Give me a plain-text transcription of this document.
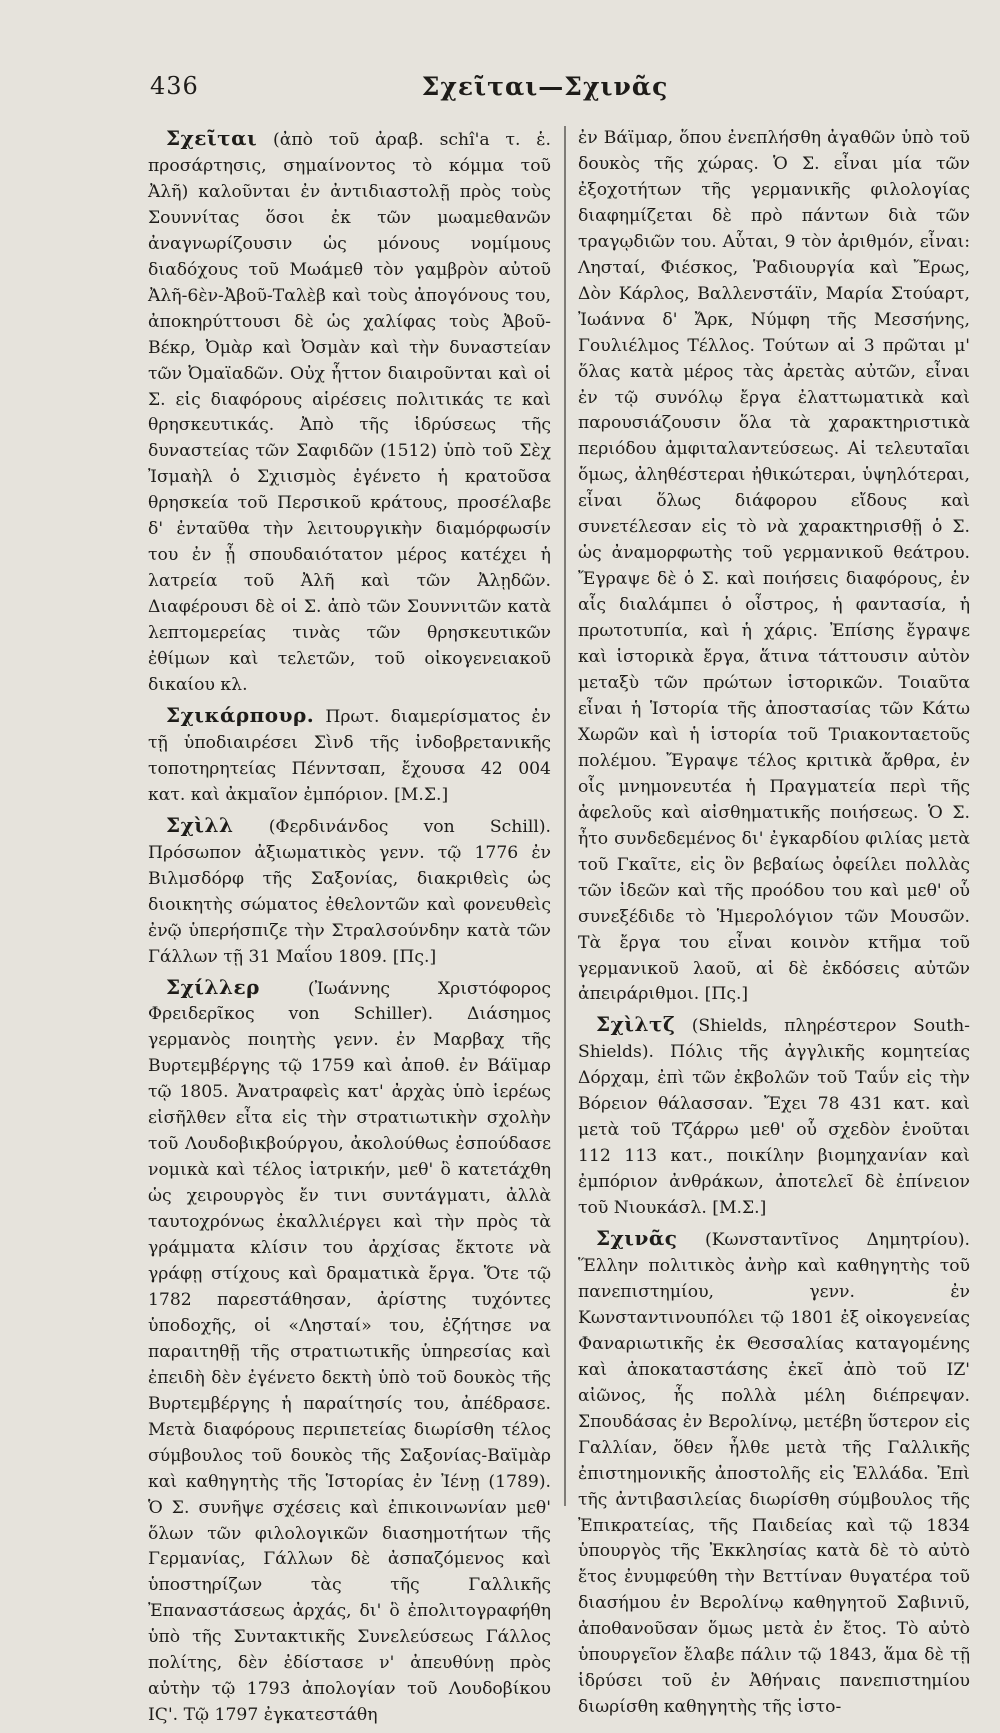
436	Σχεῖται—Σχινᾶς

Σχεῖται (ἀπὸ τοῦ ἀραβ. schî'a τ. ἑ. προσάρτησις, σημαίνοντος τὸ κόμμα τοῦ Ἀλῆ) καλοῦνται ἐν ἀντιδιαστολῇ πρὸς τοὺς Σουννίτας ὅσοι ἐκ τῶν μωαμεθανῶν ἀναγνωρίζουσιν ὡς μόνους νομίμους διαδόχους τοῦ Μωάμεθ τὸν γαμβρὸν αὐτοῦ Ἀλῆ-6ὲν-Ἀβοῦ-Ταλὲβ καὶ τοὺς ἀπογόνους του, ἀποκηρύττουσι δὲ ὡς χαλίφας τοὺς Ἀβοῦ-Βέκρ, Ὀμὰρ καὶ Ὀσμὰν καὶ τὴν δυναστείαν τῶν Ὀμαϊαδῶν. Οὐχ ἧττον διαιροῦνται καὶ οἱ Σ. εἰς διαφόρους αἱρέσεις πολιτικάς τε καὶ θρησκευτικάς. Ἀπὸ τῆς ἱδρύσεως τῆς δυναστείας τῶν Σαφιδῶν (1512) ὑπὸ τοῦ Σὲχ Ἰσμαὴλ ὁ Σχιισμὸς ἐγένετο ἡ κρατοῦσα θρησκεία τοῦ Περσικοῦ κράτους, προσέλαβε δ' ἐνταῦθα τὴν λειτουργικὴν διαμόρφωσίν του ἐν ᾗ σπουδαιότατον μέρος κατέχει ἡ λατρεία τοῦ Ἀλῆ καὶ τῶν Ἀλῃδῶν. Διαφέρουσι δὲ οἱ Σ. ἀπὸ τῶν Σουννιτῶν κατὰ λεπτομερείας τινὰς τῶν θρησκευτικῶν ἐθίμων καὶ τελετῶν, τοῦ οἰκογενειακοῦ δικαίου κλ.

Σχικάρπουρ. Πρωτ. διαμερίσματος ἐν τῇ ὑποδιαιρέσει Σὶνδ τῆς ἰνδοβρετανικῆς τοποτηρητείας Πένντσαπ, ἔχουσα 42 004 κατ. καὶ ἀκμαῖον ἐμπόριον. [Μ.Σ.]

Σχὶλλ (Φερδινάνδος von Schill). Πρόσωπον ἀξιωματικὸς γενν. τῷ 1776 ἐν Βιλμσδόρφ τῆς Σαξονίας, διακριθεὶς ὡς διοικητὴς σώματος ἐθελοντῶν καὶ φονευθεὶς ἐνῷ ὑπερήσπιζε τὴν Στραλσούνδην κατὰ τῶν Γάλλων τῇ 31 Μαΐου 1809. [Πς.]

Σχίλλερ	(Ἰωάννης Χριστόφορος Φρειδερῖκος von Schiller). Διάσημος γερμανὸς ποιητὴς γενν. ἐν Μαρβαχ τῆς Βυρτεμβέργης τῷ 1759 καὶ ἀποθ. ἐν Βάϊμαρ τῷ 1805. Ἀνατραφεὶς κατ' ἀρχὰς ὑπὸ ἱερέως εἰσῆλθεν εἶτα εἰς τὴν στρατιωτικὴν σχολὴν τοῦ Λουδοβικβούργου, ἀκολούθως ἐσπούδασε νομικὰ καὶ τέλος ἰατρικήν, μεθ' ὃ κατετάχθη ὡς χειρουργὸς ἔν τινι συντάγματι, ἀλλὰ ταυτοχρόνως ἐκαλλιέργει καὶ τὴν πρὸς τὰ γράμματα κλίσιν του ἀρχίσας ἔκτοτε νὰ γράφῃ στίχους καὶ δραματικὰ ἔργα. Ὅτε τῷ 1782 παρεστάθησαν, ἀρίστης τυχόντες ὑποδοχῆς, οἱ «Λησταί» του, ἐζήτησε να παραιτηθῇ τῆς στρατιωτικῆς ὑπηρεσίας καὶ ἐπειδὴ δὲν ἐγένετο δεκτὴ ὑπὸ τοῦ δουκὸς τῆς Βυρτεμβέργης ἡ παραίτησίς του, ἀπέδρασε. Μετὰ διαφόρους περιπετείας διωρίσθη τέλος σύμβουλος τοῦ δουκὸς τῆς Σαξονίας-Βαϊμὰρ καὶ καθηγητὴς τῆς Ἱστορίας ἐν Ἰένῃ (1789). Ὁ Σ. συνῆψε σχέσεις καὶ ἐπικοινωνίαν μεθ' ὅλων τῶν φιλολογικῶν διασημοτήτων τῆς Γερμανίας, Γάλλων δὲ ἀσπαζόμενος καὶ ὑποστηρίζων τὰς τῆς Γαλλικῆς Ἐπαναστάσεως ἀρχάς, δι' ὃ ἐπολιτογραφήθη ὑπὸ τῆς Συντακτικῆς Συνελεύσεως Γάλλος πολίτης, δὲν ἐδίστασε ν' ἀπευθύνῃ πρὸς αὐτὴν τῷ 1793 ἀπολογίαν τοῦ Λουδοβίκου ΙϚ'. Τῷ 1797 ἐγκατεστάθη

ἐν Βάϊμαρ, ὅπου ἐνεπλήσθη ἀγαθῶν ὑπὸ τοῦ δουκὸς τῆς χώρας. Ὁ Σ. εἶναι μία τῶν ἐξοχοτήτων τῆς γερμανικῆς φιλολογίας διαφημίζεται δὲ πρὸ πάντων διὰ τῶν τραγῳδιῶν του. Αὗται, 9 τὸν ἀριθμόν, εἶναι: Λησταί, Φιέσκος, Ῥαδιουργία καὶ Ἔρως, Δὸν Κάρλος, Βαλλενστάϊν, Μαρία Στούαρτ, Ἰωάννα δ' Ἄρκ, Νύμφη τῆς Μεσσήνης, Γουλιέλμος Τέλλος. Τούτων αἱ 3 πρῶται μ' ὅλας κατὰ μέρος τὰς ἀρετὰς αὐτῶν, εἶναι ἐν τῷ συνόλῳ ἔργα ἐλαττωματικὰ καὶ παρουσιάζουσιν ὅλα τὰ χαρακτηριστικὰ περιόδου ἀμφιταλαντεύσεως. Αἱ τελευταῖαι ὅμως, ἀληθέστεραι ἠθικώτεραι, ὑψηλότεραι, εἶναι ὅλως διάφορου εἴδους καὶ συνετέλεσαν εἰς τὸ νὰ χαρακτηρισθῇ ὁ Σ. ὡς ἀναμορφωτὴς τοῦ γερμανικοῦ θεάτρου. Ἔγραψε δὲ ὁ Σ. καὶ ποιήσεις διαφόρους, ἐν αἷς διαλάμπει ὁ οἶστρος, ἡ φαντασία, ἡ πρωτοτυπία, καὶ ἡ χάρις. Ἐπίσης ἔγραψε καὶ ἱστορικὰ ἔργα, ἅτινα τάττουσιν αὐτὸν μεταξὺ τῶν πρώτων ἱστορικῶν. Τοιαῦτα εἶναι ἡ Ἱστορία τῆς ἀποστασίας τῶν Κάτω Χωρῶν καὶ ἡ ἱστορία τοῦ Τριακονταετοῦς πολέμου. Ἔγραψε τέλος κριτικὰ ἄρθρα, ἐν οἷς μνημονευτέα ἡ Πραγματεία περὶ τῆς ἀφελοῦς καὶ αἰσθηματικῆς ποιήσεως. Ὁ Σ. ἦτο συνδεδεμένος δι' ἐγκαρδίου φιλίας μετὰ τοῦ Γκαῖτε, εἰς ὃν βεβαίως ὀφείλει πολλὰς τῶν ἰδεῶν καὶ τῆς προόδου του καὶ μεθ' οὗ συνεξέδιδε τὸ Ἡμερολόγιον τῶν Μουσῶν. Τὰ ἔργα του εἶναι κοινὸν κτῆμα τοῦ γερμανικοῦ λαοῦ, αἱ δὲ ἐκδόσεις αὐτῶν ἀπειράριθμοι. [Πς.]

Σχὶλτζ (Shields, πληρέστερον South-Shields). Πόλις τῆς ἀγγλικῆς κομητείας Δόρχαμ, ἐπὶ τῶν ἐκβολῶν τοῦ Ταΰν εἰς τὴν Βόρειον θάλασσαν. Ἔχει 78 431 κατ. καὶ μετὰ τοῦ Τζάρρω μεθ' οὗ σχεδὸν ἑνοῦται 112 113 κατ., ποικίλην βιομηχανίαν καὶ ἐμπόριον ἀνθράκων, ἀποτελεῖ δὲ ἐπίνειον τοῦ Νιουκάσλ. [Μ.Σ.]

Σχινᾶς (Κωνσταντῖνος Δημητρίου). Ἕλλην πολιτικὸς ἀνὴρ καὶ καθηγητὴς τοῦ πανεπιστημίου, γενν. ἐν Κωνσταντινουπόλει τῷ 1801 ἐξ οἰκογενείας Φαναριωτικῆς ἐκ Θεσσαλίας καταγομένης καὶ ἀποκαταστάσης ἐκεῖ ἀπὸ τοῦ ΙΖ' αἰῶνος, ἧς πολλὰ μέλη διέπρεψαν. Σπουδάσας ἐν Βερολίνῳ, μετέβη ὕστερον εἰς Γαλλίαν, ὅθεν ἦλθε μετὰ τῆς Γαλλικῆς ἐπιστημονικῆς ἀποστολῆς εἰς Ἑλλάδα. Ἐπὶ τῆς ἀντιβασιλείας διωρίσθη σύμβουλος τῆς Ἐπικρατείας, τῆς Παιδείας καὶ τῷ 1834 ὑπουργὸς τῆς Ἐκκλησίας κατὰ δὲ τὸ αὐτὸ ἔτος ἐνυμφεύθη τὴν Βεττίναν θυγατέρα τοῦ διασήμου ἐν Βερολίνῳ καθηγητοῦ Σαβινιῦ, ἀποθανοῦσαν ὅμως μετὰ ἐν ἔτος. Τὸ αὐτὸ ὑπουργεῖον ἔλαβε πάλιν τῷ 1843, ἅμα δὲ τῇ ἱδρύσει τοῦ ἐν Ἀθήναις πανεπιστημίου διωρίσθη καθηγητὴς τῆς ἱστο-
